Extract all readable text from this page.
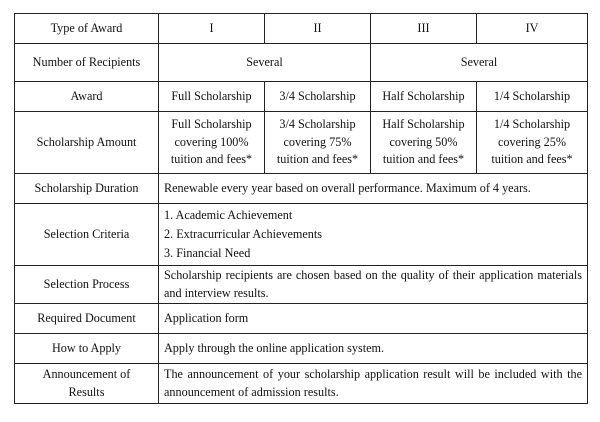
Type of Award	I	II	III	IV
Number of Recipients	Several		Several	
Award	Full Scholarship	3/4 Scholarship	Half Scholarship	1/4 Scholarship
Scholarship Amount	Full Scholarship
covering 100%
tuition and fees*	3/4 Scholarship
covering 75%
tuition and fees*	Half Scholarship
covering 50%
tuition and fees*	1/4 Scholarship
covering 25%
tuition and fees*

Scholarship Duration	Renewable every year based on overall performance. Maximum of 4 years.			
Selection Criteria	1. Academic Achievement
2. Extracurricular Achievements
3. Financial Need			

Selection Process	Scholarship recipients are chosen based on the quality of their application materials and interview results.			
Required Document	Application form			
How to Apply	Apply through the online application system.			

Announcement of
Results	The announcement of your scholarship application result will be included with the announcement of admission results.			
